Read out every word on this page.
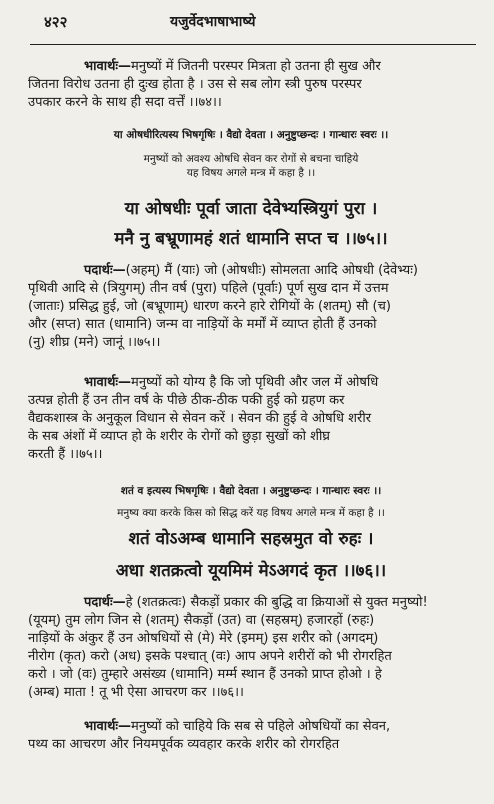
४२२	यजुर्वेदभाषाभाष्ये
भावार्थः—मनुष्यों में जितनी परस्पर मित्रता हो उतना ही सुख और
जितना विरोध उतना ही दुःख होता है । उस से सब लोग स्त्री पुरुष परस्पर
उपकार करने के साथ ही सदा वर्त्तें ।।७४।।
या ओषधीरित्यस्य भिषगृषिः । वैद्यो देवता । अनुष्टुप्छन्दः । गान्धारः स्वरः ।।
मनुष्यों को अवश्य ओषधि सेवन कर रोगों से बचना चाहिये
यह विषय अगले मन्त्र में कहा है ।।
या ओषधीः पूर्वा जाता देवेभ्यस्त्रियुगं पुरा ।
मनै नु बभ्रूणामहं शतं धामानि सप्त च ।।७५।।
पदार्थः—(अहम्) मैं (याः) जो (ओषधीः) सोमलता आदि ओषधी (देवेभ्यः)
पृथिवी आदि से (त्रियुगम्) तीन वर्ष (पुरा) पहिले (पूर्वाः) पूर्ण सुख दान में उत्तम
(जाताः) प्रसिद्ध हुई, जो (बभ्रूणाम्) धारण करने हारे रोगियों के (शतम्) सौ (च)
और (सप्त) सात (धामानि) जन्म वा नाड़ियों के मर्मों में व्याप्त होती हैं उनको
(नु) शीघ्र (मने) जानूं ।।७५।।
भावार्थः—मनुष्यों को योग्य है कि जो पृथिवी और जल में ओषधि
उत्पन्न होती हैं उन तीन वर्ष के पीछे ठीक-ठीक पकी हुई को ग्रहण कर
वैद्यकशास्त्र के अनुकूल विधान से सेवन करें । सेवन की हुई वे ओषधि शरीर
के सब अंशों में व्याप्त हो के शरीर के रोगों को छुड़ा सुखों को शीघ्र
करती हैं ।।७५।।
शतं व इत्यस्य भिषगृषिः । वैद्यो देवता । अनुष्टुप्छन्दः । गान्धारः स्वरः ।।
मनुष्य क्या करके किस को सिद्ध करें यह विषय अगले मन्त्र में कहा है ।।
शतं वोऽअम्ब धामानि सहस्रमुत वो रुहः ।
अधा शतक्रत्वो यूयमिमं मेऽअगदं कृत ।।७६।।
पदार्थः—हे (शतक्रत्वः) सैकड़ों प्रकार की बुद्धि वा क्रियाओं से युक्त मनुष्यो!
(यूयम्) तुम लोग जिन से (शतम्) सैकड़ों (उत) वा (सहस्रम्) हजारहों (रुहः)
नाड़ियों के अंकुर हैं उन ओषधियों से (मे) मेरे (इमम्) इस शरीर को (अगदम्)
नीरोग (कृत) करो (अध) इसके पश्चात् (वः) आप अपने शरीरों को भी रोगरहित
करो । जो (वः) तुम्हारे असंख्य (धामानि) मर्म्म स्थान हैं उनको प्राप्त होओ । हे
(अम्ब) माता ! तू भी ऐसा आचरण कर ।।७६।।
भावार्थः—मनुष्यों को चाहिये कि सब से पहिले ओषधियों का सेवन,
पथ्य का आचरण और नियमपूर्वक व्यवहार करके शरीर को रोगरहित
